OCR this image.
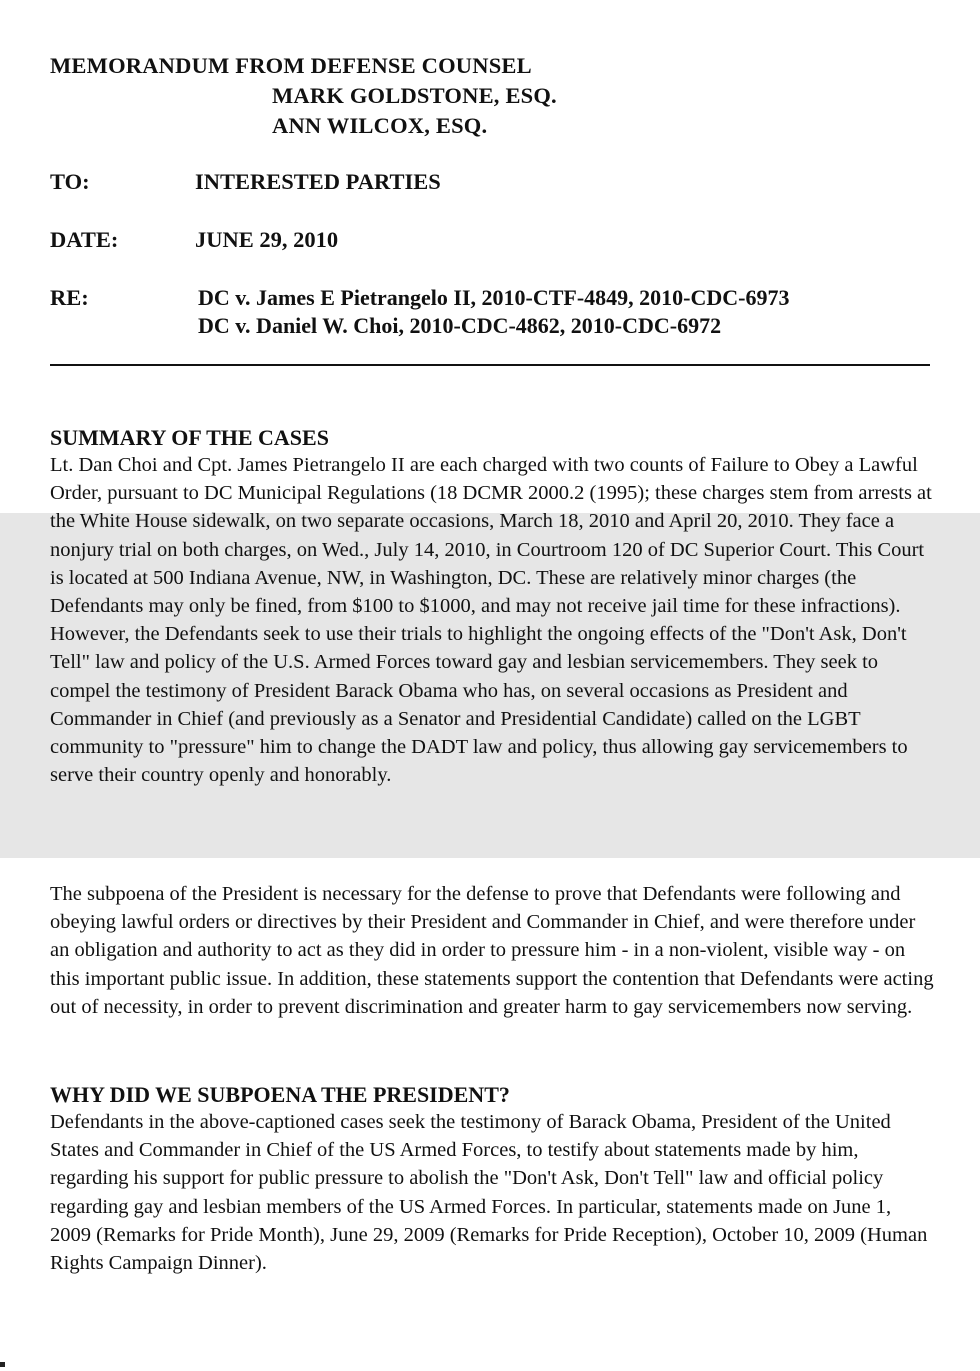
MEMORANDUM FROM DEFENSE COUNSEL
MARK GOLDSTONE, ESQ.
ANN WILCOX, ESQ.
TO:	INTERESTED PARTIES
DATE:	JUNE 29, 2010
RE:	DC v. James E Pietrangelo II, 2010-CTF-4849, 2010-CDC-6973
DC v. Daniel W. Choi, 2010-CDC-4862, 2010-CDC-6972
SUMMARY OF THE CASES

Lt. Dan Choi and Cpt. James Pietrangelo II are each charged with two counts of Failure to Obey a Lawful Order, pursuant to DC Municipal Regulations (18 DCMR 2000.2 (1995); these charges stem from arrests at the White House sidewalk, on two separate occasions, March 18, 2010 and April 20, 2010. They face a nonjury trial on both charges, on Wed., July 14, 2010, in Courtroom 120 of DC Superior Court. This Court is located at 500 Indiana Avenue, NW, in Washington, DC. These are relatively minor charges (the Defendants may only be fined, from $100 to $1000, and may not receive jail time for these infractions). However, the Defendants seek to use their trials to highlight the ongoing effects of the "Don't Ask, Don't Tell" law and policy of the U.S. Armed Forces toward gay and lesbian servicemembers. They seek to compel the testimony of President Barack Obama who has, on several occasions as President and Commander in Chief (and previously as a Senator and Presidential Candidate) called on the LGBT community to "pressure" him to change the DADT law and policy, thus allowing gay servicemembers to serve their country openly and honorably.

The subpoena of the President is necessary for the defense to prove that Defendants were following and obeying lawful orders or directives by their President and Commander in Chief, and were therefore under an obligation and authority to act as they did in order to pressure him - in a non-violent, visible way - on this important public issue. In addition, these statements support the contention that Defendants were acting out of necessity, in order to prevent discrimination and greater harm to gay servicemembers now serving.

WHY DID WE SUBPOENA THE PRESIDENT?

Defendants in the above-captioned cases seek the testimony of Barack Obama, President of the United States and Commander in Chief of the US Armed Forces, to testify about statements made by him, regarding his support for public pressure to abolish the "Don't Ask, Don't Tell" law and official policy regarding gay and lesbian members of the US Armed Forces. In particular, statements made on June 1, 2009 (Remarks for Pride Month), June 29, 2009 (Remarks for Pride Reception), October 10, 2009 (Human Rights Campaign Dinner).
